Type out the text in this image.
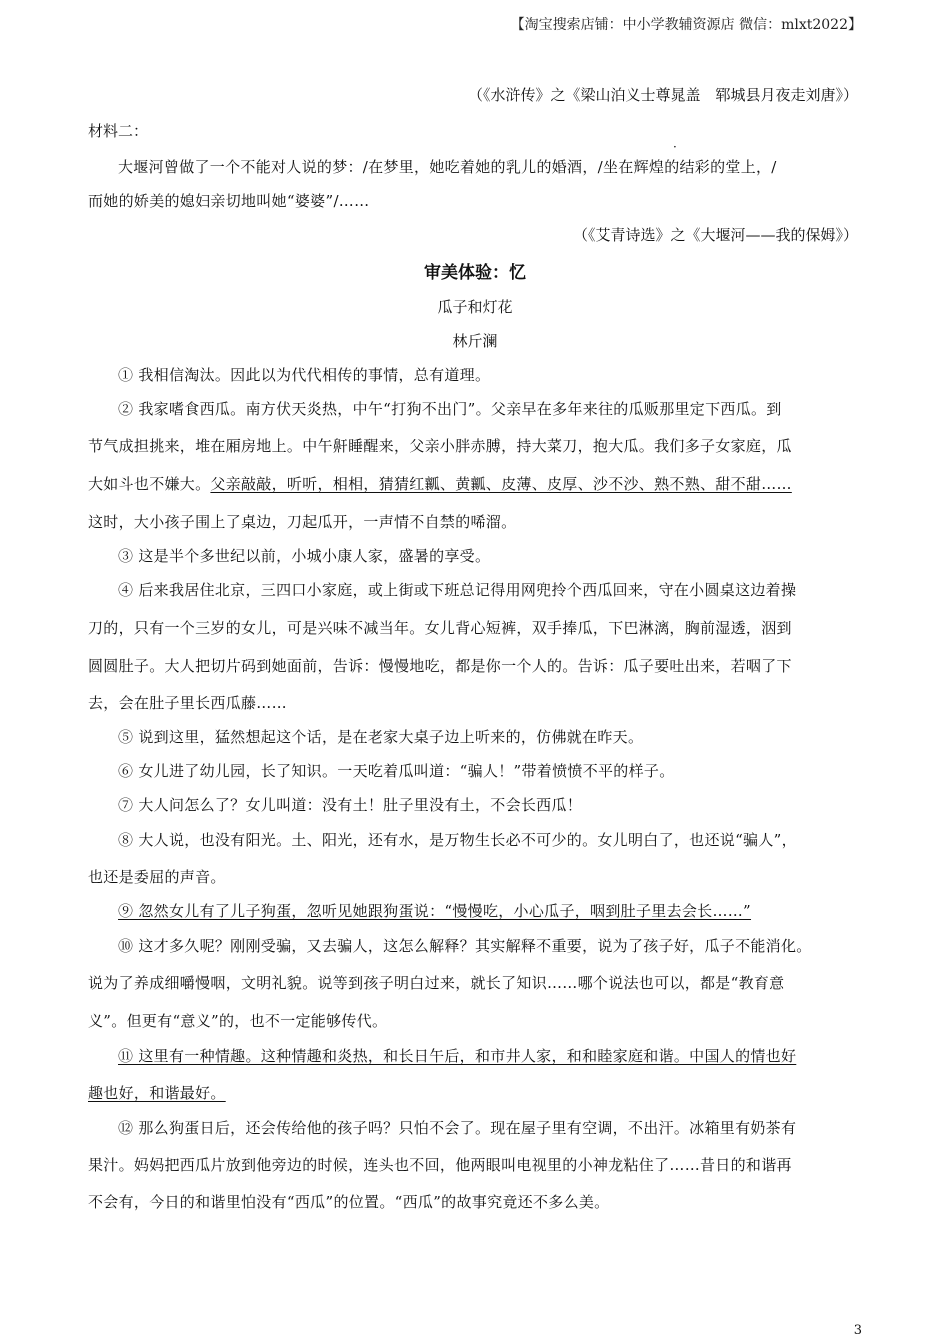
【淘宝搜索店铺：中小学教辅资源店 微信：mlxt2022】
（《水浒传》之《梁山泊义士尊晁盖　郓城县月夜走刘唐》）
材料二：
·
大堰河曾做了一个不能对人说的梦：/在梦里，她吃着她的乳儿的婚酒，/坐在辉煌的结彩的堂上，/
而她的娇美的媳妇亲切地叫她“婆婆”/……
（《艾青诗选》之《大堰河——我的保姆》）
审美体验：忆
瓜子和灯花
林斤澜
① 我相信淘汰。因此以为代代相传的事情，总有道理。
② 我家嗜食西瓜。南方伏天炎热，中午“打狗不出门”。父亲早在多年来往的瓜贩那里定下西瓜。到
节气成担挑来，堆在厢房地上。中午鼾睡醒来，父亲小胖赤膊，持大菜刀，抱大瓜。我们多子女家庭，瓜
大如斗也不嫌大。父亲敲敲，听听，相相，猜猜红瓤、黄瓤、皮薄、皮厚、沙不沙、熟不熟、甜不甜……
这时，大小孩子围上了桌边，刀起瓜开，一声情不自禁的唏溜。
③ 这是半个多世纪以前，小城小康人家，盛暑的享受。
④ 后来我居住北京，三四口小家庭，或上街或下班总记得用网兜拎个西瓜回来，守在小圆桌这边着操
刀的，只有一个三岁的女儿，可是兴味不减当年。女儿背心短裤，双手捧瓜，下巴淋漓，胸前湿透，洇到
圆圆肚子。大人把切片码到她面前，告诉：慢慢地吃，都是你一个人的。告诉：瓜子要吐出来，若咽了下
去，会在肚子里长西瓜藤……
⑤ 说到这里，猛然想起这个话，是在老家大桌子边上听来的，仿佛就在昨天。
⑥ 女儿进了幼儿园，长了知识。一天吃着瓜叫道：“骗人！”带着愤愤不平的样子。
⑦ 大人问怎么了？女儿叫道：没有土！肚子里没有土，不会长西瓜！
⑧ 大人说，也没有阳光。土、阳光，还有水，是万物生长必不可少的。女儿明白了，也还说“骗人”，
也还是委屈的声音。
⑨ 忽然女儿有了儿子狗蛋，忽听见她跟狗蛋说：“慢慢吃，小心瓜子，咽到肚子里去会长……”
⑩ 这才多久呢？刚刚受骗，又去骗人，这怎么解释？其实解释不重要，说为了孩子好，瓜子不能消化。
说为了养成细嚼慢咽，文明礼貌。说等到孩子明白过来，就长了知识……哪个说法也可以，都是“教育意
义”。但更有“意义”的，也不一定能够传代。
⑪ 这里有一种情趣。这种情趣和炎热，和长日午后，和市井人家，和和睦家庭和谐。中国人的情也好
趣也好，和谐最好。
⑫ 那么狗蛋日后，还会传给他的孩子吗？只怕不会了。现在屋子里有空调，不出汗。冰箱里有奶茶有
果汁。妈妈把西瓜片放到他旁边的时候，连头也不回，他两眼叫电视里的小神龙粘住了……昔日的和谐再
不会有，今日的和谐里怕没有“西瓜”的位置。“西瓜”的故事究竟还不多么美。
3
